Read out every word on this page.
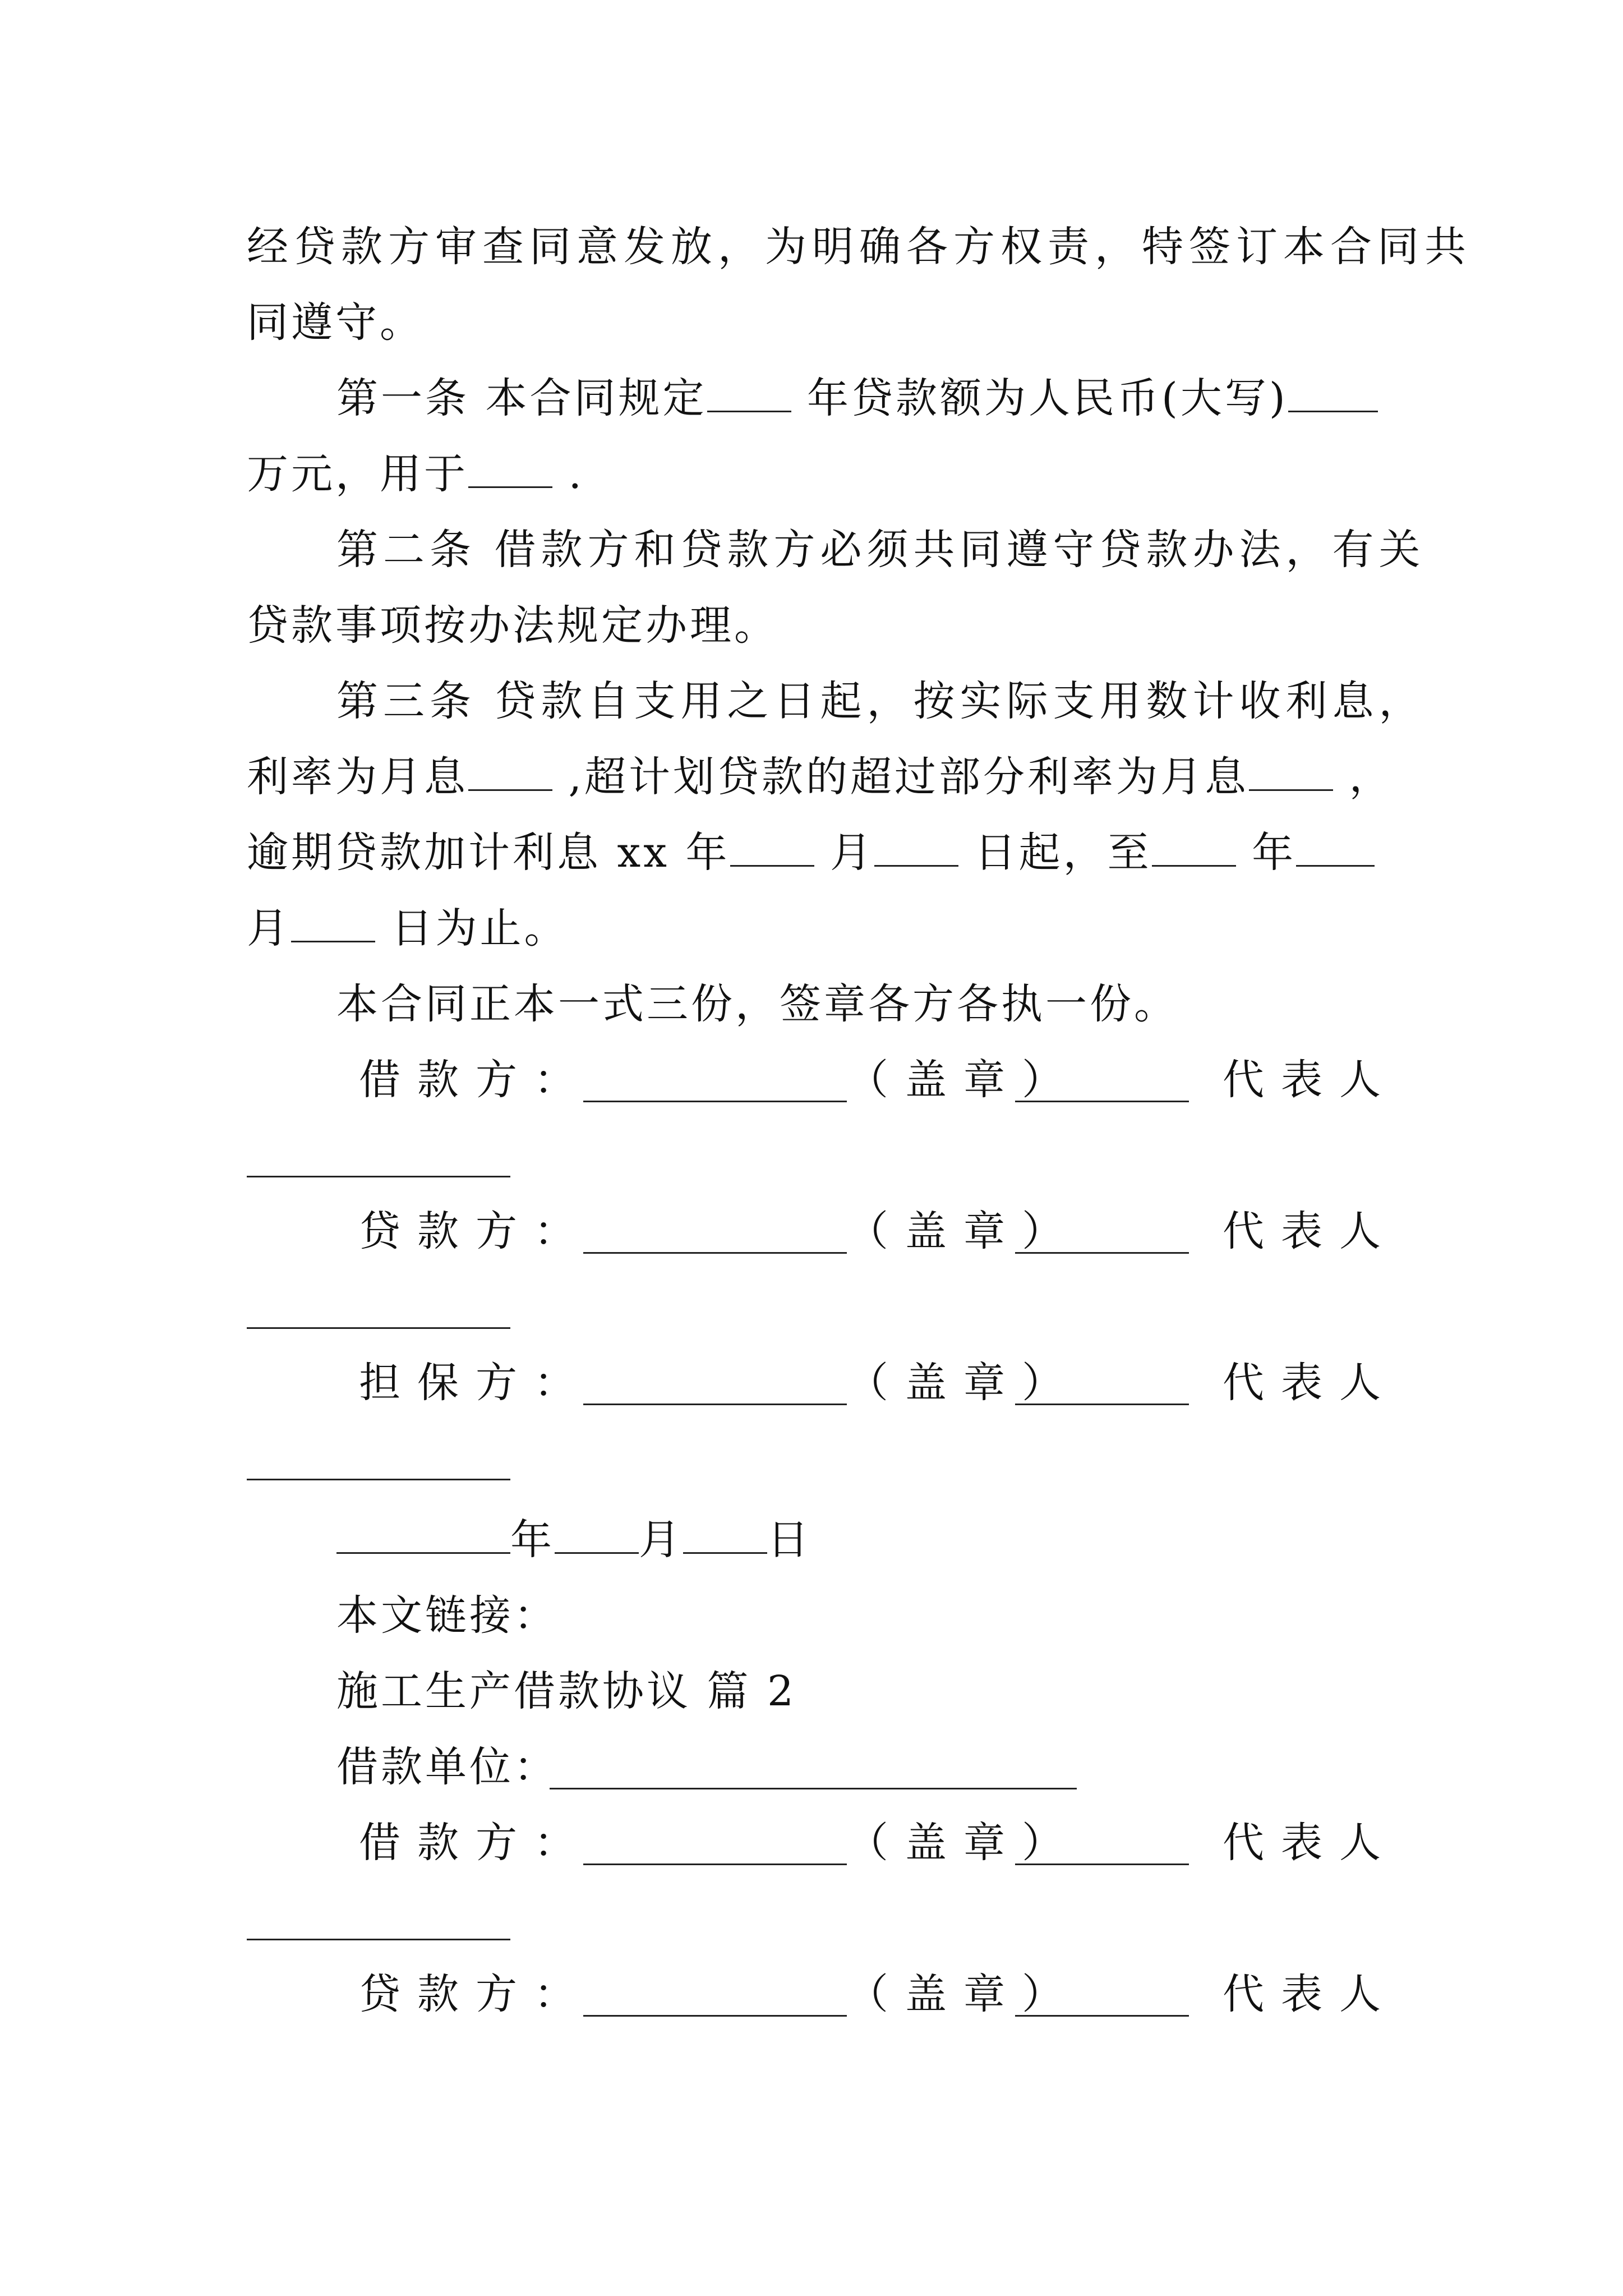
经贷款方审查同意发放，为明确各方权责，特签订本合同共
同遵守。
第一条 本合同规定 年贷款额为人民币(大写)
万元，用于 .
第二条 借款方和贷款方必须共同遵守贷款办法，有关
贷款事项按办法规定办理。
第三条 贷款自支用之日起，按实际支用数计收利息，
利率为月息 ,超计划贷款的超过部分利率为月息 ，
逾期贷款加计利息 xx 年 月 日起，至 年
月 日为止。
本合同正本一式三份，签章各方各执一份。
借款方：	（盖章）	代表人
贷款方：	（盖章）	代表人
担保方：	（盖章）	代表人
年 月 日
本文链接：
施工生产借款协议 篇 2
借款单位：
借款方：	（盖章）	代表人
贷款方：	（盖章）	代表人
